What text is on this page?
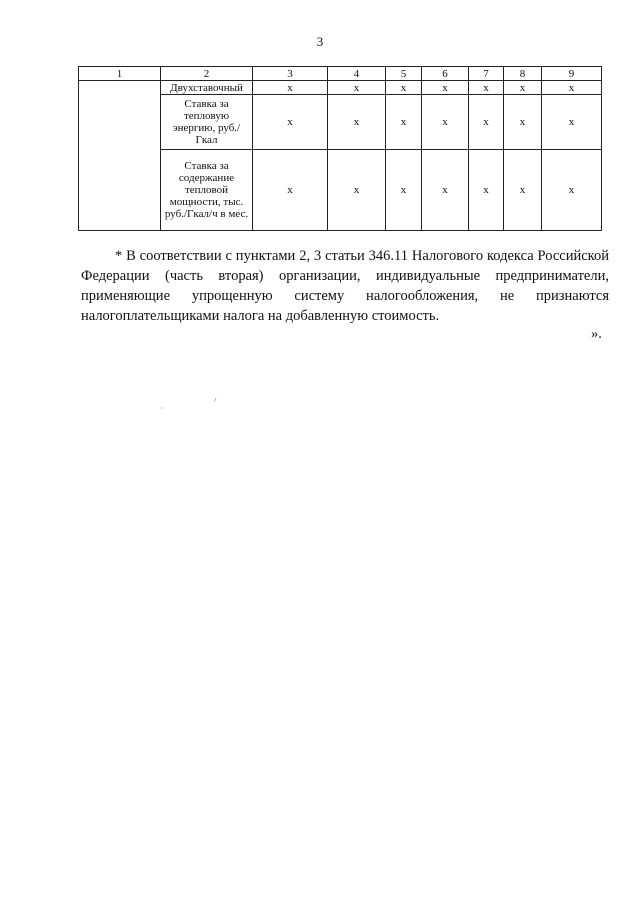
3
1	2	3	4	5	6	7	8	9
	Двухставочный	х	х	х	х	х	х	х
	Ставка за тепловую энергию, руб./Гкал	х	х	х	х	х	х	х
	Ставка за содержание тепловой мощности, тыс. руб./Гкал/ч в мес.	х	х	х	х	х	х	х

* В соответствии с пунктами 2, 3 статьи 346.11 Налогового кодекса Российской Федерации (часть вторая) организации, индивидуальные предприниматели, применяющие упрощенную систему налогообложения, не признаются налогоплательщиками налога на добавленную стоимость.

».
